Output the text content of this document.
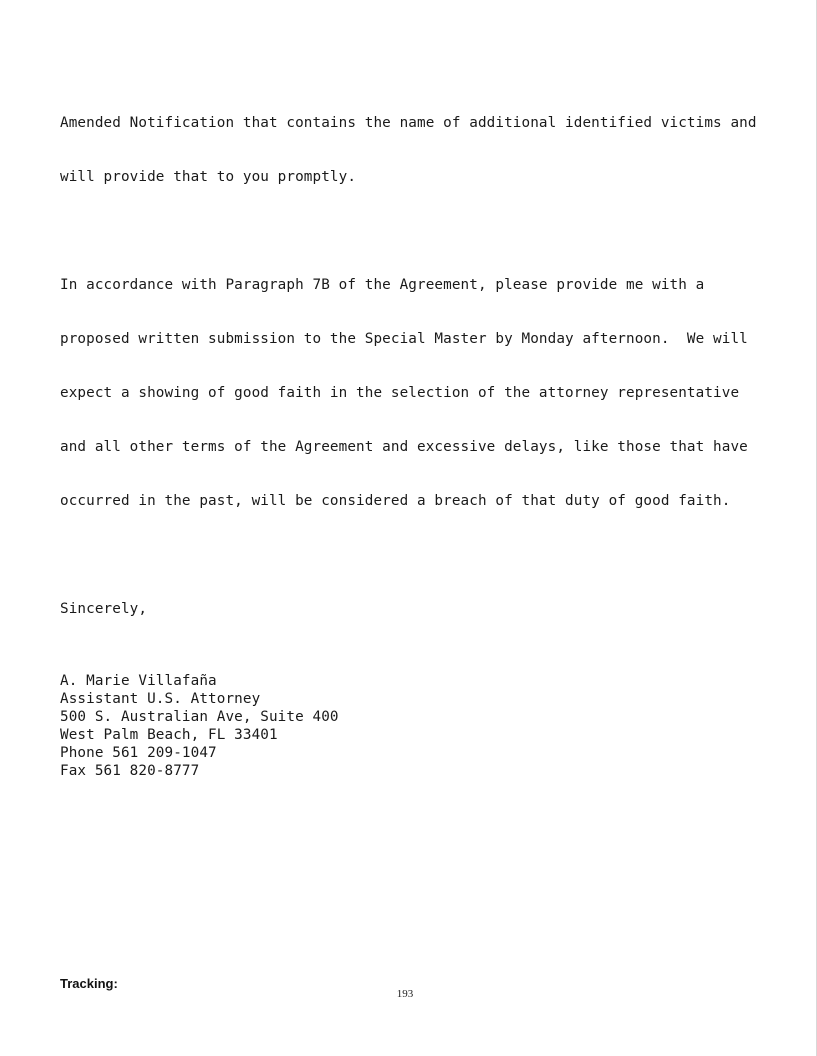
Amended Notification that contains the name of additional identified victims and

will provide that to you promptly.

In accordance with Paragraph 7B of the Agreement, please provide me with a

proposed written submission to the Special Master by Monday afternoon.  We will

expect a showing of good faith in the selection of the attorney representative

and all other terms of the Agreement and excessive delays, like those that have

occurred in the past, will be considered a breach of that duty of good faith.

Sincerely,

A. Marie Villafaña
Assistant U.S. Attorney
500 S. Australian Ave, Suite 400
West Palm Beach, FL 33401
Phone 561 209-1047
Fax 561 820-8777
Tracking:
193
